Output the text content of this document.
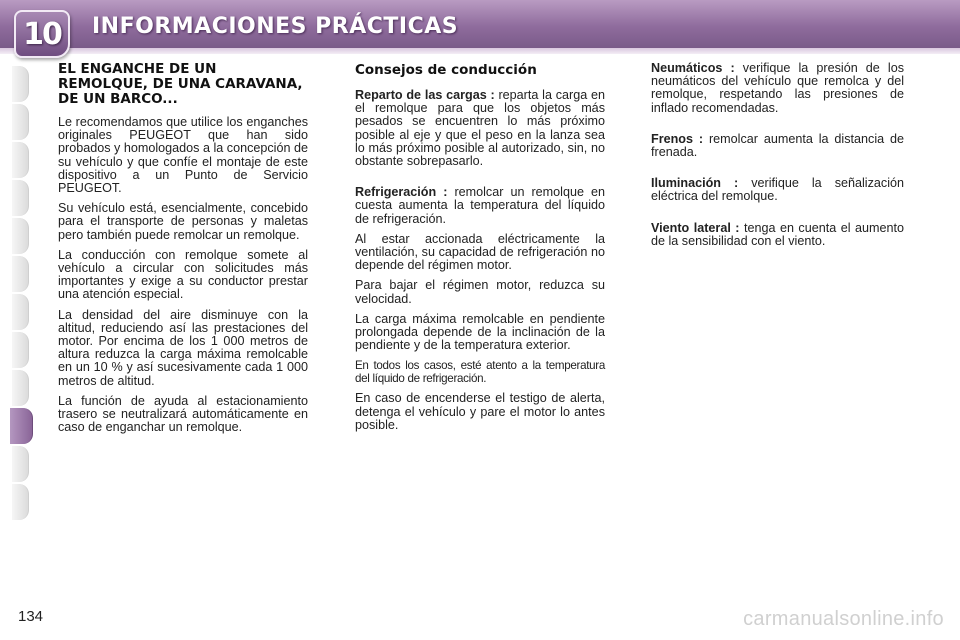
10 INFORMACIONES PRÁCTICAS
EL ENGANCHE DE UN REMOLQUE, DE UNA CARAVANA, DE UN BARCO...

Le recomendamos que utilice los enganches originales PEUGEOT que han sido probados y homologados a la concepción de su vehículo y que confíe el montaje de este dispositivo a un Punto de Servicio PEUGEOT.

Su vehículo está, esencialmente, concebido para el transporte de personas y maletas pero también puede remolcar un remolque.

La conducción con remolque somete al vehículo a circular con solicitudes más importantes y exige a su conductor prestar una atención especial.

La densidad del aire disminuye con la altitud, reduciendo así las prestaciones del motor. Por encima de los 1 000 metros de altura reduzca la carga máxima remolcable en un 10 % y así sucesivamente cada 1 000 metros de altitud.

La función de ayuda al estacionamiento trasero se neutralizará automáticamente en caso de enganchar un remolque.

Consejos de conducción

Reparto de las cargas : reparta la carga en el remolque para que los objetos más pesados se encuentren lo más próximo posible al eje y que el peso en la lanza sea lo más próximo posible al autorizado, sin, no obstante sobrepasarlo.

Refrigeración : remolcar un remolque en cuesta aumenta la temperatura del líquido de refrigeración.

Al estar accionada eléctricamente la ventilación, su capacidad de refrigeración no depende del régimen motor.

Para bajar el régimen motor, reduzca su velocidad.

La carga máxima remolcable en pendiente prolongada depende de la inclinación de la pendiente y de la temperatura exterior.

En todos los casos, esté atento a la temperatura del líquido de refrigeración.

En caso de encenderse el testigo de alerta, detenga el vehículo y pare el motor lo antes posible.

Neumáticos : verifique la presión de los neumáticos del vehículo que remolca y del remolque, respetando las presiones de inflado recomendadas.

Frenos : remolcar aumenta la distancia de frenada.

Iluminación : verifique la señalización eléctrica del remolque.

Viento lateral : tenga en cuenta el aumento de la sensibilidad con el viento.

134	carmanualsonline.info
